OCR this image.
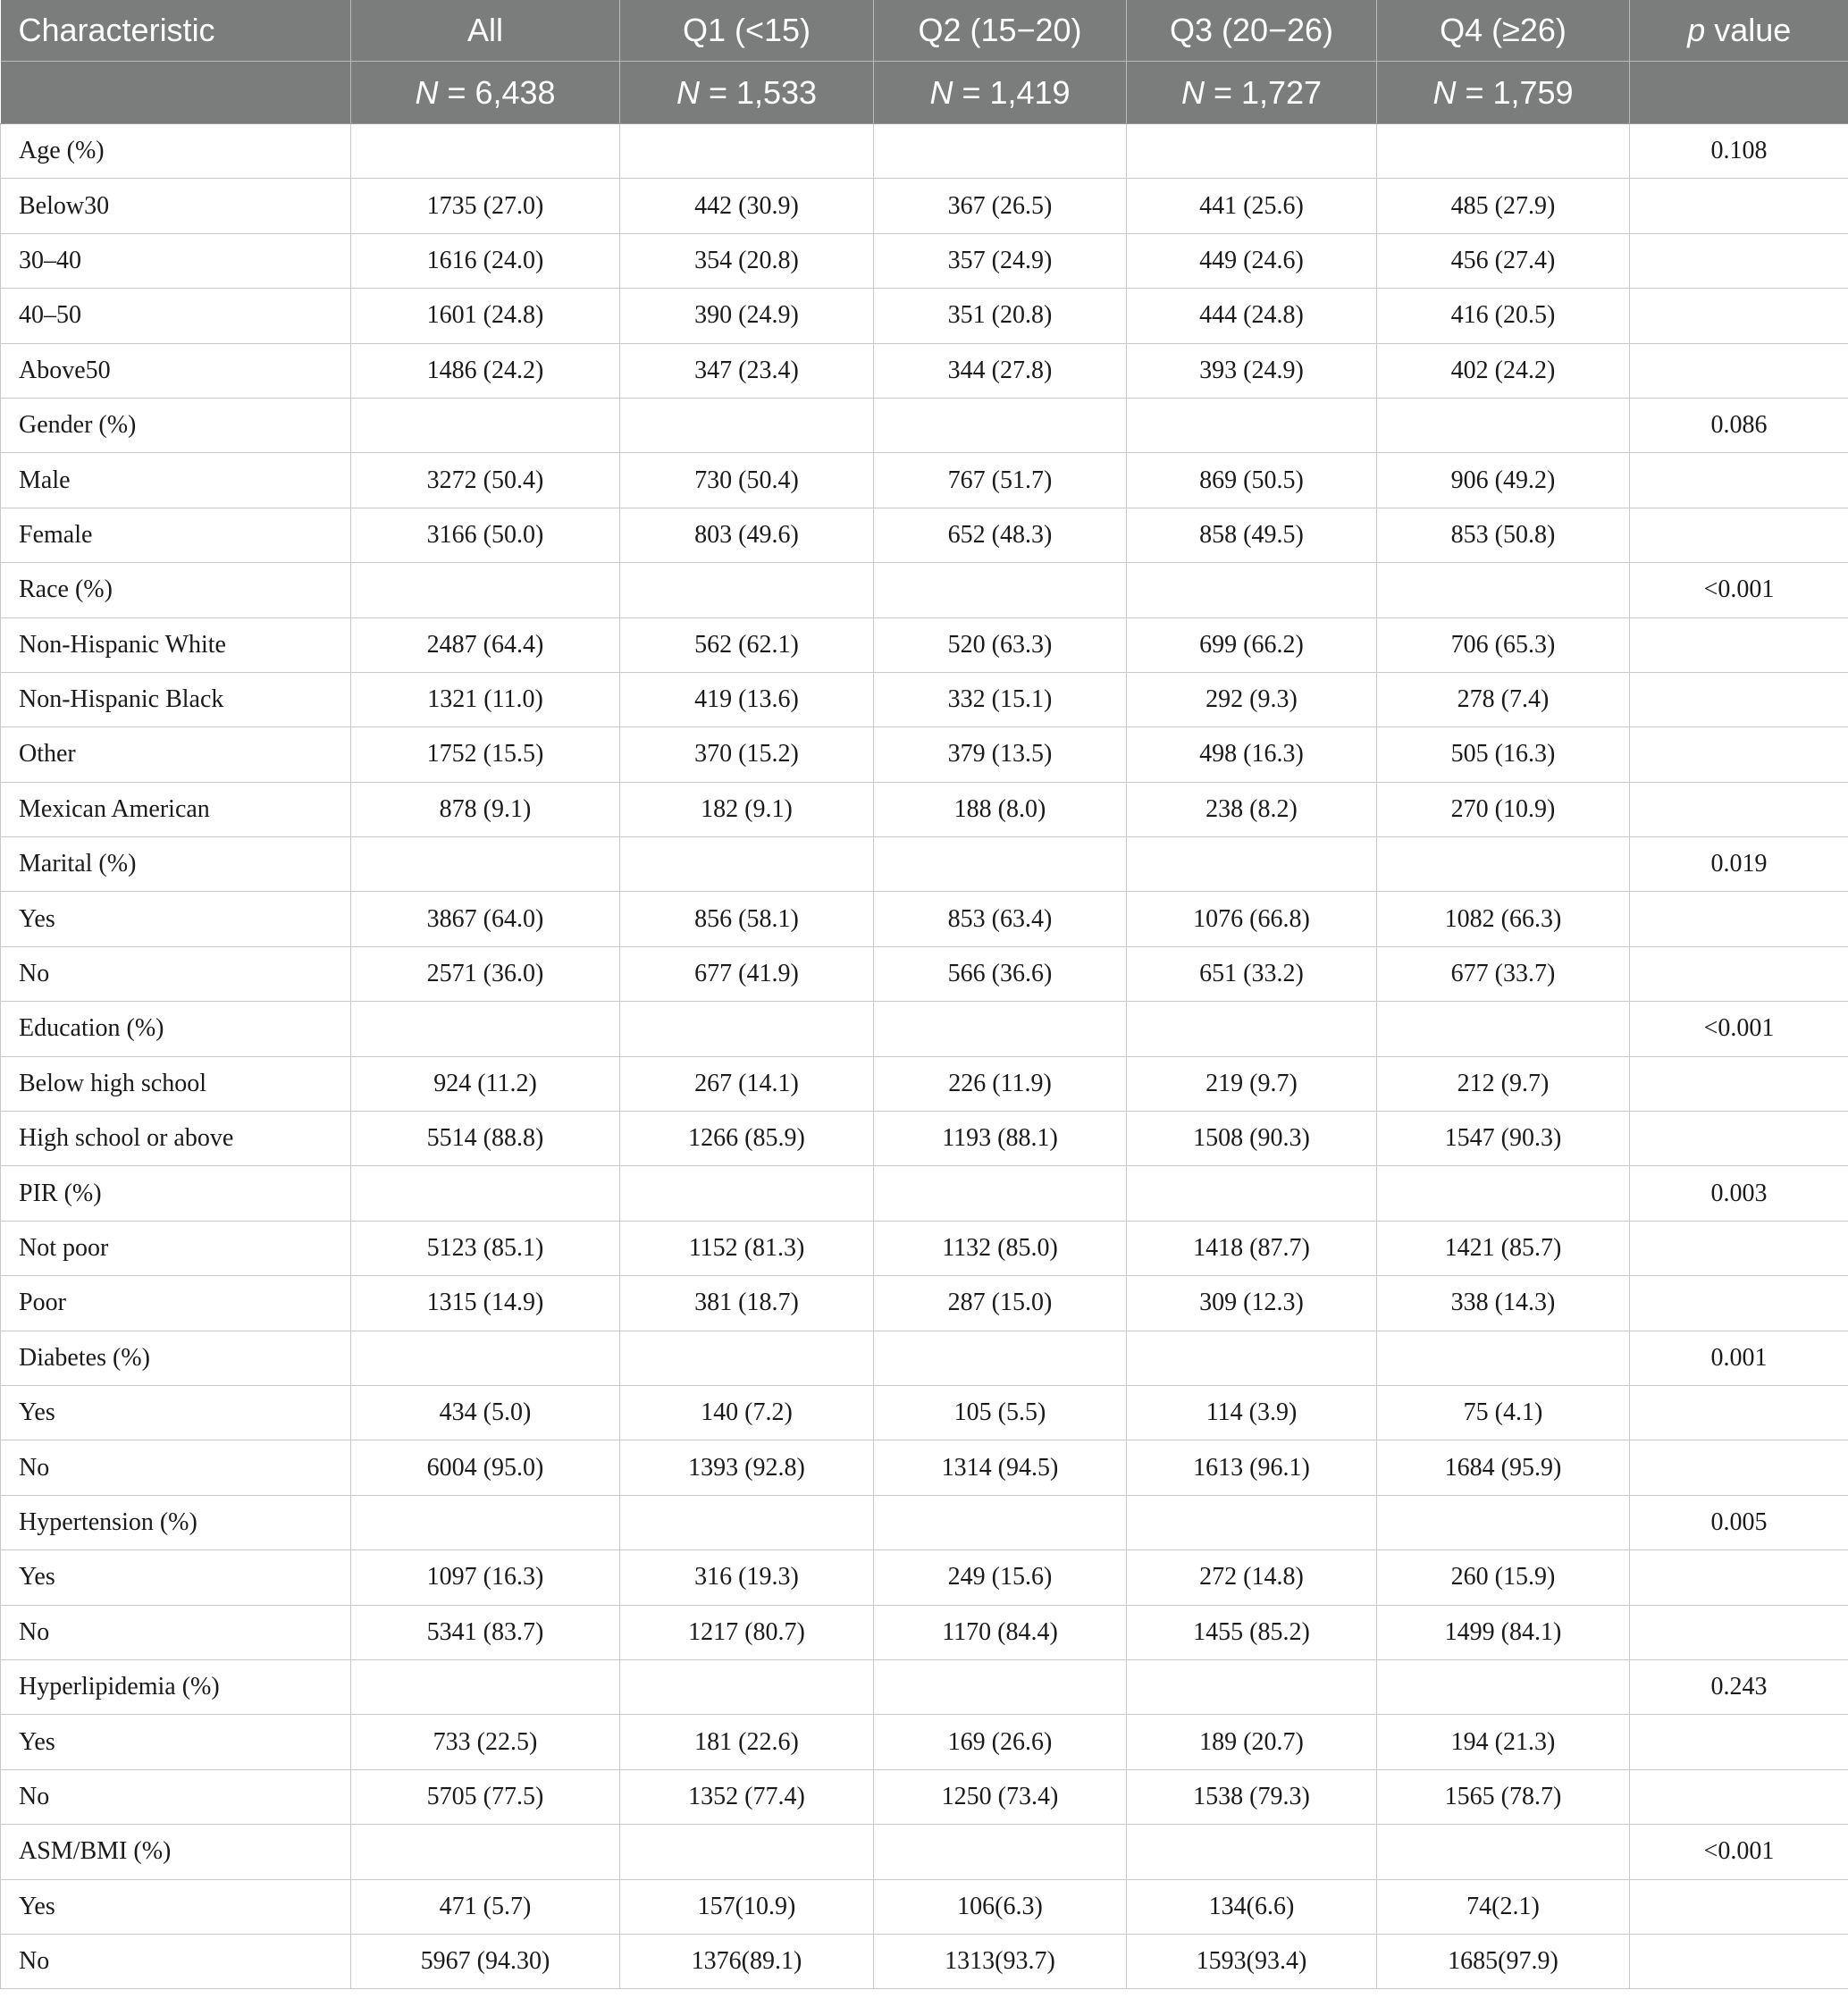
Characteristic	All	Q1 (<15)	Q2 (15−20)	Q3 (20−26)	Q4 (≥26)	p value
	N = 6,438	N = 1,533	N = 1,419	N = 1,727	N = 1,759	
Age (%)						0.108
Below30	1735 (27.0)	442 (30.9)	367 (26.5)	441 (25.6)	485 (27.9)	
30–40	1616 (24.0)	354 (20.8)	357 (24.9)	449 (24.6)	456 (27.4)	
40–50	1601 (24.8)	390 (24.9)	351 (20.8)	444 (24.8)	416 (20.5)	
Above50	1486 (24.2)	347 (23.4)	344 (27.8)	393 (24.9)	402 (24.2)	
Gender (%)						0.086
Male	3272 (50.4)	730 (50.4)	767 (51.7)	869 (50.5)	906 (49.2)	
Female	3166 (50.0)	803 (49.6)	652 (48.3)	858 (49.5)	853 (50.8)	
Race (%)						<0.001
Non-Hispanic White	2487 (64.4)	562 (62.1)	520 (63.3)	699 (66.2)	706 (65.3)	
Non-Hispanic Black	1321 (11.0)	419 (13.6)	332 (15.1)	292 (9.3)	278 (7.4)	
Other	1752 (15.5)	370 (15.2)	379 (13.5)	498 (16.3)	505 (16.3)	
Mexican American	878 (9.1)	182 (9.1)	188 (8.0)	238 (8.2)	270 (10.9)	
Marital (%)						0.019
Yes	3867 (64.0)	856 (58.1)	853 (63.4)	1076 (66.8)	1082 (66.3)	
No	2571 (36.0)	677 (41.9)	566 (36.6)	651 (33.2)	677 (33.7)	
Education (%)						<0.001
Below high school	924 (11.2)	267 (14.1)	226 (11.9)	219 (9.7)	212 (9.7)	
High school or above	5514 (88.8)	1266 (85.9)	1193 (88.1)	1508 (90.3)	1547 (90.3)	
PIR (%)						0.003
Not poor	5123 (85.1)	1152 (81.3)	1132 (85.0)	1418 (87.7)	1421 (85.7)	
Poor	1315 (14.9)	381 (18.7)	287 (15.0)	309 (12.3)	338 (14.3)	
Diabetes (%)						0.001
Yes	434 (5.0)	140 (7.2)	105 (5.5)	114 (3.9)	75 (4.1)	
No	6004 (95.0)	1393 (92.8)	1314 (94.5)	1613 (96.1)	1684 (95.9)	
Hypertension (%)						0.005
Yes	1097 (16.3)	316 (19.3)	249 (15.6)	272 (14.8)	260 (15.9)	
No	5341 (83.7)	1217 (80.7)	1170 (84.4)	1455 (85.2)	1499 (84.1)	
Hyperlipidemia (%)						0.243
Yes	733 (22.5)	181 (22.6)	169 (26.6)	189 (20.7)	194 (21.3)	
No	5705 (77.5)	1352 (77.4)	1250 (73.4)	1538 (79.3)	1565 (78.7)	
ASM/BMI (%)						<0.001
Yes	471 (5.7)	157(10.9)	106(6.3)	134(6.6)	74(2.1)	
No	5967 (94.30)	1376(89.1)	1313(93.7)	1593(93.4)	1685(97.9)	
